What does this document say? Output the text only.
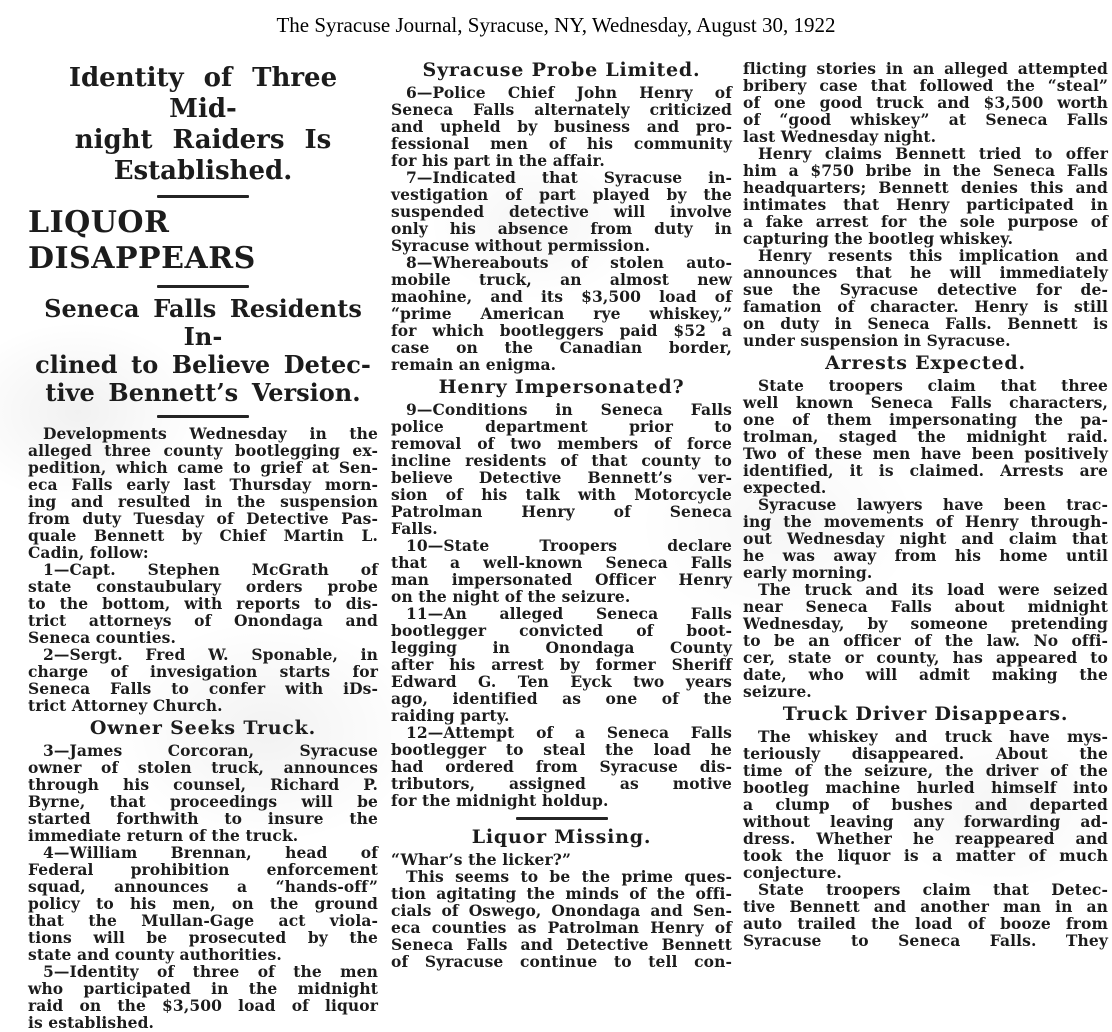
The Syracuse Journal, Syracuse, NY, Wednesday, August 30, 1922
Identity of Three Mid-
night Raiders Is
Established.
LIQUOR DISAPPEARS
Seneca Falls Residents In-
clined to Believe Detec-
tive Bennett’s Version.
Developments Wednesday in the
alleged three county bootlegging ex-
pedition, which came to grief at Sen-
eca Falls early last Thursday morn-
ing and resulted in the suspension
from duty Tuesday of Detective Pas-
quale Bennett by Chief Martin L.
Cadin, follow:
1—Capt. Stephen McGrath of
state constaubulary orders probe
to the bottom, with reports to dis-
trict attorneys of Onondaga and
Seneca counties.
2—Sergt. Fred W. Sponable, in
charge of invesigation starts for
Seneca Falls to confer with iDs-
trict Attorney Church.
Owner Seeks Truck.
3—James Corcoran, Syracuse
owner of stolen truck, announces
through his counsel, Richard P.
Byrne, that proceedings will be
started forthwith to insure the
immediate return of the truck.
4—William Brennan, head of
Federal prohibition enforcement
squad, announces a “hands-off”
policy to his men, on the ground
that the Mullan-Gage act viola-
tions will be prosecuted by the
state and county authorities.
5—Identity of three of the men
who participated in the midnight
raid on the $3,500 load of liquor
is established.
Syracuse Probe Limited.
6—Police Chief John Henry of
Seneca Falls alternately criticized
and upheld by business and pro-
fessional men of his community
for his part in the affair.
7—Indicated that Syracuse in-
vestigation of part played by the
suspended detective will involve
only his absence from duty in
Syracuse without permission.
8—Whereabouts of stolen auto-
mobile truck, an almost new
maohine, and its $3,500 load of
“prime American rye whiskey,”
for which bootleggers paid $52 a
case on the Canadian border,
remain an enigma.
Henry Impersonated?
9—Conditions in Seneca Falls
police department prior to
removal of two members of force
incline residents of that county to
believe Detective Bennett’s ver-
sion of his talk with Motorcycle
Patrolman Henry of Seneca
Falls.
10—State Troopers declare
that a well-known Seneca Falls
man impersonated Officer Henry
on the night of the seizure.
11—An alleged Seneca Falls
bootlegger convicted of boot-
legging in Onondaga County
after his arrest by former Sheriff
Edward G. Ten Eyck two years
ago, identified as one of the
raiding party.
12—Attempt of a Seneca Falls
bootlegger to steal the load he
had ordered from Syracuse dis-
tributors, assigned as motive
for the midnight holdup.
Liquor Missing.
“Whar’s the licker?”
This seems to be the prime ques-
tion agitating the minds of the offi-
cials of Oswego, Onondaga and Sen-
eca counties as Patrolman Henry of
Seneca Falls and Detective Bennett
of Syracuse continue to tell con-
flicting stories in an alleged attempted
bribery case that followed the “steal”
of one good truck and $3,500 worth
of “good whiskey” at Seneca Falls
last Wednesday night.
Henry claims Bennett tried to offer
him a $750 bribe in the Seneca Falls
headquarters; Bennett denies this and
intimates that Henry participated in
a fake arrest for the sole purpose of
capturing the bootleg whiskey.
Henry resents this implication and
announces that he will immediately
sue the Syracuse detective for de-
famation of character. Henry is still
on duty in Seneca Falls. Bennett is
under suspension in Syracuse.
Arrests Expected.
State troopers claim that three
well known Seneca Falls characters,
one of them impersonating the pa-
trolman, staged the midnight raid.
Two of these men have been positively
identified, it is claimed. Arrests are
expected.
Syracuse lawyers have been trac-
ing the movements of Henry through-
out Wednesday night and claim that
he was away from his home until
early morning.
The truck and its load were seized
near Seneca Falls about midnight
Wednesday, by someone pretending
to be an officer of the law. No offi-
cer, state or county, has appeared to
date, who will admit making the
seizure.
Truck Driver Disappears.
The whiskey and truck have mys-
teriously disappeared. About the
time of the seizure, the driver of the
bootleg machine hurled himself into
a clump of bushes and departed
without leaving any forwarding ad-
dress. Whether he reappeared and
took the liquor is a matter of much
conjecture.
State troopers claim that Detec-
tive Bennett and another man in an
auto trailed the load of booze from
Syracuse to Seneca Falls. They
